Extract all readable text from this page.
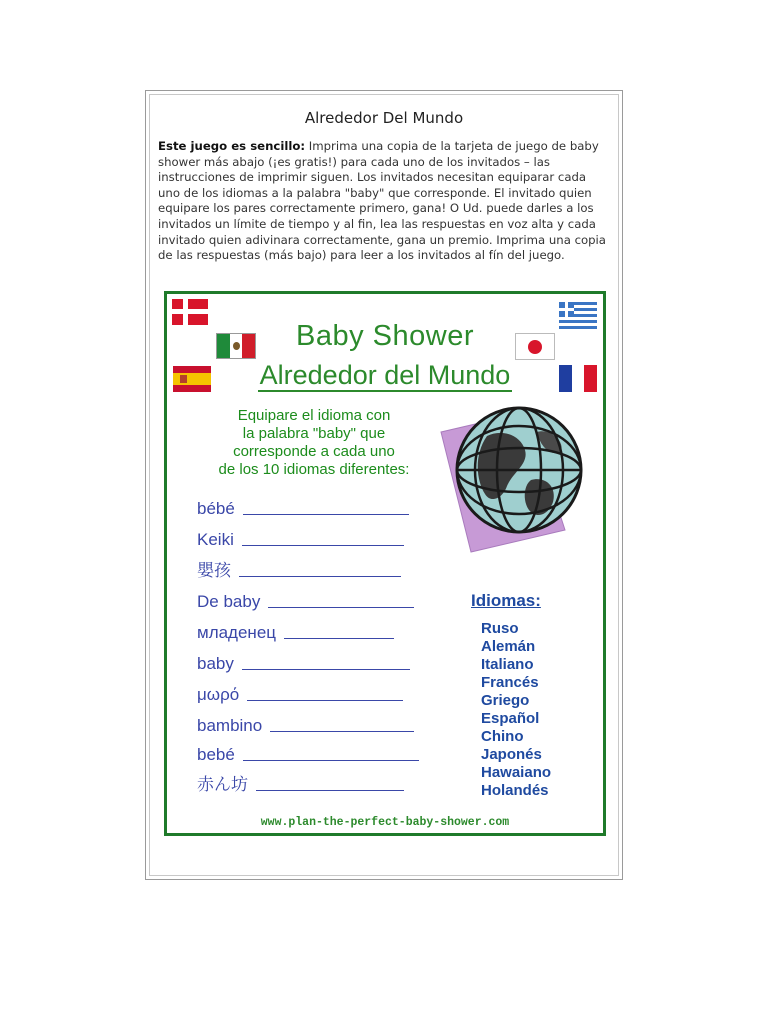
Alrededor Del Mundo
Este juego es sencillo: Imprima una copia de la tarjeta de juego de baby shower más abajo (¡es gratis!) para cada uno de los invitados – las instrucciones de imprimir siguen. Los invitados necesitan equiparar cada uno de los idiomas a la palabra "baby" que corresponde. El invitado quien equipare los pares correctamente primero, gana! O Ud. puede darles a los invitados un límite de tiempo y al fin, lea las respuestas en voz alta y cada invitado quien adivinara correctamente, gana un premio. Imprima una copia de las respuestas (más bajo) para leer a los invitados al fín del juego.
Baby Shower
Alrededor del Mundo
Equipare el idioma con
la palabra "baby" que
corresponde a cada uno
de los 10 idiomas diferentes:
bébé
Keiki
嬰孩
De baby
младенец
baby
μωρό
bambino
bebé
赤ん坊
Idiomas:
Ruso
Alemán
Italiano
Francés
Griego
Español
Chino
Japonés
Hawaiano
Holandés
www.plan-the-perfect-baby-shower.com
